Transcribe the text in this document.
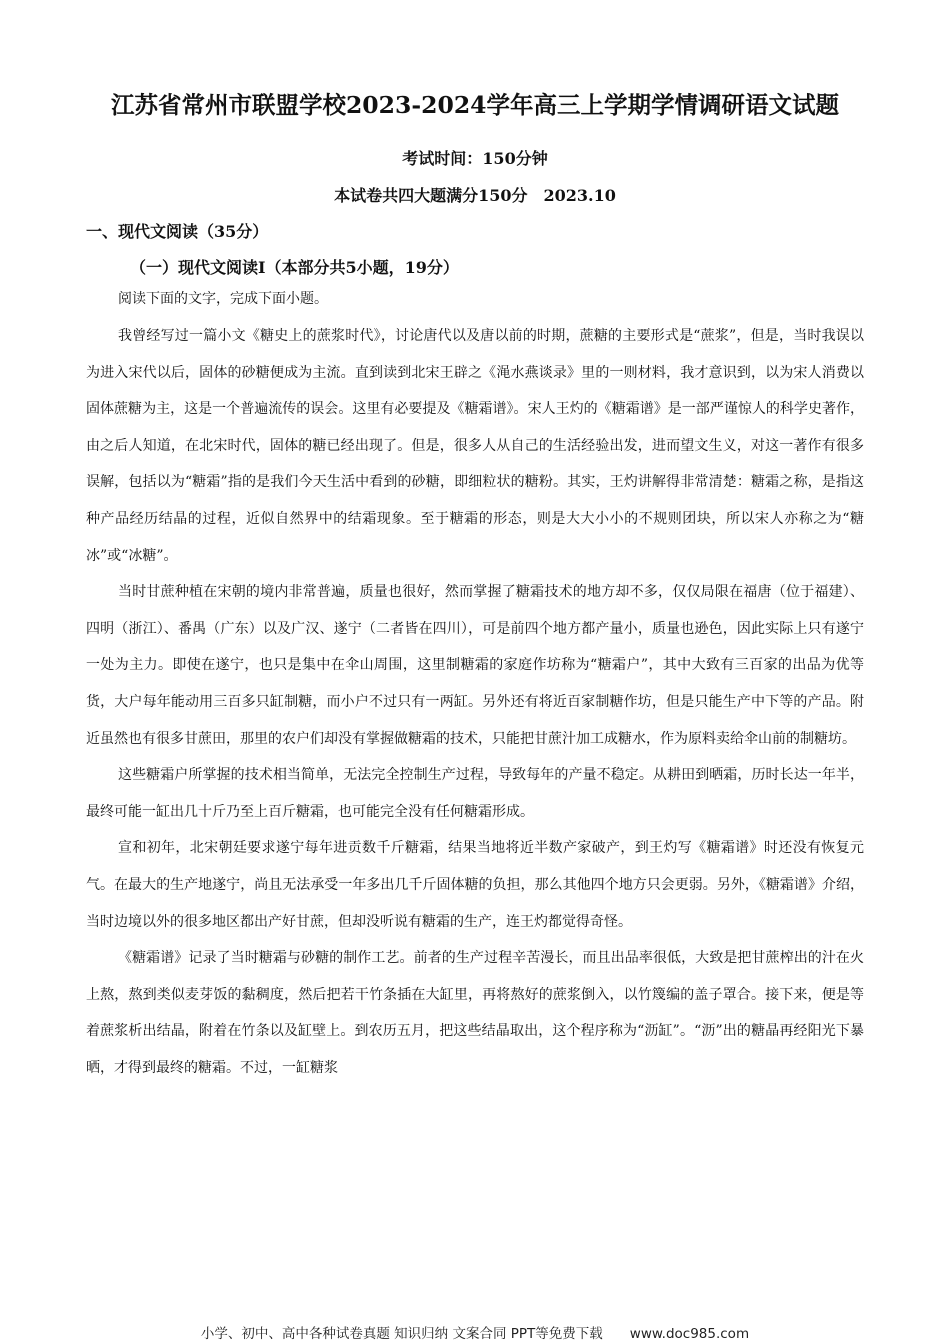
江苏省常州市联盟学校2023-2024学年高三上学期学情调研语文试题
考试时间：150分钟
本试卷共四大题满分150分　2023.10
一、现代文阅读（35分）
（一）现代文阅读Ⅰ（本部分共5小题，19分）
阅读下面的文字，完成下面小题。

我曾经写过一篇小文《糖史上的蔗浆时代》，讨论唐代以及唐以前的时期，蔗糖的主要形式是“蔗浆”，但是，当时我误以为进入宋代以后，固体的砂糖便成为主流。直到读到北宋王辟之《渑水燕谈录》里的一则材料，我才意识到，以为宋人消费以固体蔗糖为主，这是一个普遍流传的误会。这里有必要提及《糖霜谱》。宋人王灼的《糖霜谱》是一部严谨惊人的科学史著作，由之后人知道，在北宋时代，固体的糖已经出现了。但是，很多人从自己的生活经验出发，进而望文生义，对这一著作有很多误解，包括以为“糖霜”指的是我们今天生活中看到的砂糖，即细粒状的糖粉。其实，王灼讲解得非常清楚：糖霜之称，是指这种产品经历结晶的过程，近似自然界中的结霜现象。至于糖霜的形态，则是大大小小的不规则团块，所以宋人亦称之为“糖冰”或“冰糖”。

当时甘蔗种植在宋朝的境内非常普遍，质量也很好，然而掌握了糖霜技术的地方却不多，仅仅局限在福唐（位于福建）、四明（浙江）、番禺（广东）以及广汉、遂宁（二者皆在四川），可是前四个地方都产量小，质量也逊色，因此实际上只有遂宁一处为主力。即使在遂宁，也只是集中在伞山周围，这里制糖霜的家庭作坊称为“糖霜户”，其中大致有三百家的出品为优等货，大户每年能动用三百多只缸制糖，而小户不过只有一两缸。另外还有将近百家制糖作坊，但是只能生产中下等的产品。附近虽然也有很多甘蔗田，那里的农户们却没有掌握做糖霜的技术，只能把甘蔗汁加工成糖水，作为原料卖给伞山前的制糖坊。

这些糖霜户所掌握的技术相当简单，无法完全控制生产过程，导致每年的产量不稳定。从耕田到晒霜，历时长达一年半，最终可能一缸出几十斤乃至上百斤糖霜，也可能完全没有任何糖霜形成。

宣和初年，北宋朝廷要求遂宁每年进贡数千斤糖霜，结果当地将近半数产家破产，到王灼写《糖霜谱》时还没有恢复元气。在最大的生产地遂宁，尚且无法承受一年多出几千斤固体糖的负担，那么其他四个地方只会更弱。另外，《糖霜谱》介绍，当时边境以外的很多地区都出产好甘蔗，但却没听说有糖霜的生产，连王灼都觉得奇怪。

《糖霜谱》记录了当时糖霜与砂糖的制作工艺。前者的生产过程辛苦漫长，而且出品率很低，大致是把甘蔗榨出的汁在火上熬，熬到类似麦芽饭的黏稠度，然后把若干竹条插在大缸里，再将熬好的蔗浆倒入，以竹篾编的盖子罩合。接下来，便是等着蔗浆析出结晶，附着在竹条以及缸壁上。到农历五月，把这些结晶取出，这个程序称为“沥缸”。“沥”出的糖晶再经阳光下暴晒，才得到最终的糖霜。不过，一缸糖浆

小学、初中、高中各种试卷真题 知识归纳 文案合同 PPT等免费下载　　www.doc985.com
